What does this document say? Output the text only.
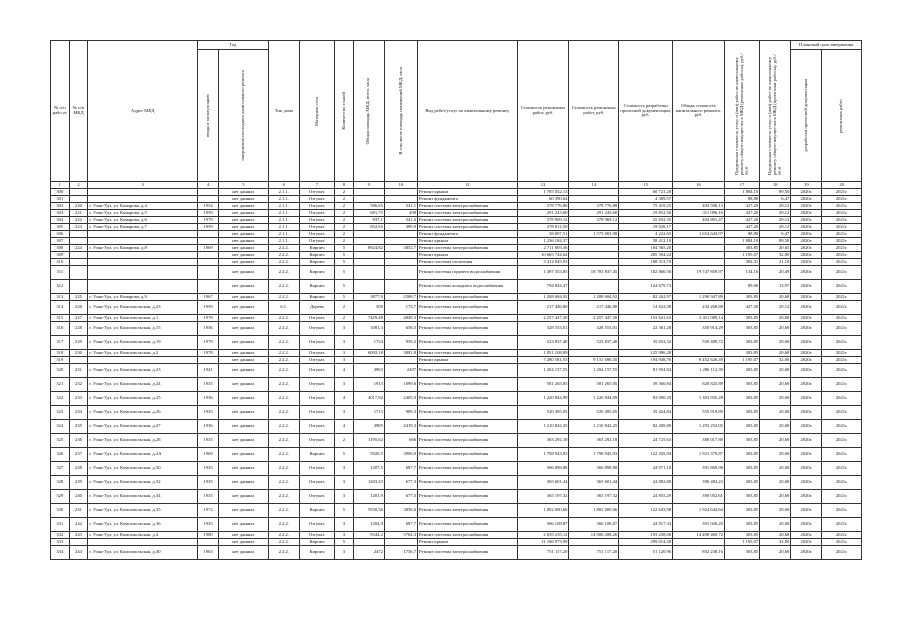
№ п/п рабо от	№ п/п МКД	Адрес МКД	Год		Тип дома	Материал стен	Количество этажей	Общая площадь МКД, всего, кв.м	В том числе площадь помещений МКД, кв.м	Вид работ/услуг по капитальному ремонту	Стоимость ремонтных работ, руб.	Стоимость ремонтных работ, руб.	Стоимость разработки проектной документации, руб.	Общая стоимость капитального ремонта, руб.	Предельная стоимость услуг и (или) работ по капитальному ремонту общего имущества в МКД (ремонтные работы), руб./кв.м	Предельная стоимость услуг и (или) работ по капитальному ремонту общего имущества в МКД (проектные работы), руб./кв.м	Плановый срок завершения	

			ввода в эксплуатацию	завершения последнего капитального ремонта													разработки проектной документации	ремонтных работ

1	2	3	4	5	6	7	8	9	10	12	13	14	15	16	17	18	19	20
300				нет данных	2.1.1.	Озгукат.	2			Ремонт крыши	1 785 052,13		60 721,28		1 884,10	89,50	2020г.	2021г.
301				нет данных	2.1.1.	Озгукат.	2			Ремонт фундамента	60 390,64		4 389,57		88,88	6,47	2020г.	2021г.
302	220	г. Улан-Удэ, ул. Комарова, д.4	1954	нет данных	2.1.1.	Озгукат.	2	586,65	541,1	Ремонт системы электроснабжения	378 776,88	378 776,88	75 419,25	404 596,13	427,20	29,12	2020г.	2021г.
303	221	г. Улан-Удэ, ул. Комарова, д.5	1959	нет данных	2.1.1.	Озгукат.	2	681,75	408	Ремонт системы электроснабжения	291 243,60	291 243,60	19 852,56	311 096,16	427,20	29,12	2020г.	2021г.
304	222	г. Улан-Удэ, ул. Комарова, д.6	1979	нет данных	2.1.1.	Озгукат.	2	837,1	541,6	Ремонт системы электроснабжения	378 969,12	378 969,12	25 832,35	404 801,47	427,20	29,12	2020г.	2021г.
305	223	г. Улан-Удэ, ул. Комарова, д.7	1959	нет данных	2.1.1.	Озгукат.	2	652,65	389,9	Ремонт системы электроснабжения	278 812,50		19 028,17		427,20	29,12	2020г.	2021г.
306				нет данных	2.1.1.	Озгукат.	2			Ремонт фундамента	58 007,51	1 573 003,98	4 222,65	1 654 643,97	88,88	6,47	2020г.	2021г.
307				нет данных	2.1.1.	Озгукат.	2			Ремонт крыши	1 236 184,37		58 412,10		1 884,10	89,50	2020г.	2021г.
308	224	г. Улан-Удэ, ул. Комарова, д.8	1969	нет данных	2.2.2.	Кирпич	5	8924,82	3852,7	Ремонт системы электроснабжения	2 711 805,36		184 565,28		303,85	20,65	2020г.	2021г.
309				нет данных	2.2.2.	Кирпич	5			Ремонт крыши	10 665 744,64		285 394,24		1 195,07	32,00	2020г.	2021г.
310				нет данных	2.2.2.	Кирпич	5			Ремонт системы отопления	3 412 045,93		188 313,70		382,31	21,10	2020г.	2021г.
311				нет данных	2.2.2.	Кирпич	5			Ремонт системы горячего водоснабжения	1 497 353,85	18 781 837,45	182 860,56	19 747 859,97	134,16	20,49	2020г.	2021г.
312				нет данных	2.2.2.	Кирпич	5			Ремонт системы холодного водоснабжения	794 844,47		124 679,74		89,06	13,97	2020г.	2021г.
313	225	г. Улан-Удэ, ул. Комарова, д.9	1967	нет данных	2.2.2.	Кирпич	5	3877,9	2568,7	Ремонт системы электроснабжения	1 208 684,92	1 208 684,92	82 262,97	1 290 947,89	303,85	20,68	2020г.	2021г.
314	226	г. Улан-Удэ, ул. Комсомольская, д.23	1959	нет данных	6.1.	Дерево	2	509	173,7	Ремонт системы электроснабжения	217 446,80	217 446,80	14 822,08	232 268,88	427,20	29,12	2020г.	2021г.
315	227	г. Улан-Удэ, ул. Комсомольская, д.1	1978	нет данных	2.2.2.	Озгукат.	2	7429,48	4849,3	Ремонт системы электроснабжения	2 257 447,30	2 257 447,30	153 641,63	2 411 089,14	303,85	20,68	2020г.	2021г.
316	228	г. Улан-Удэ, ул. Комсомольская, д.15	1936	нет данных	2.2.2.	Озгукат.	3	1081,3	658,5	Ремонт системы электроснабжения	328 553,01	328 553,01	22 361,28	350 914,29	303,85	20,68	2020г.	2021г.
317	229	г. Улан-Удэ, ул. Комсомольская, д.19	1979	нет данных	2.2.2.	Озгукат.	3	1724	939,2	Ремонт системы электроснабжения	523 837,40	523 837,40	35 652,32	559 489,72	303,85	20,68	2020г.	2021г.
318	230	г. Улан-Удэ, ул. Комсомольская, д.2	1978	нет данных	2.2.2.	Озгукат.	3	6092,18	3881,8	Ремонт системы электроснабжения	1 851 108,89		125 986,28		303,85	20,68	2020г.	2021г.
319				нет данных	2.2.2.	Озгукат.	3			Ремонт крыши	7 280 581,55	9 131 690,45	194 948,76	9 452 626,49	1 195,07	32,00	2020г.	2021г.
320	231	г. Улан-Удэ, ул. Комсомольская, д.23	1941	нет данных	2.2.2.	Озгукат.	4	3963	2407	Ремонт системы электроснабжения	1 204 157,55	1 204 157,55	81 954,84	1 286 112,39	303,85	20,68	2020г.	2021г.
321	232	г. Улан-Удэ, ул. Комсомольская, д.24	1935	нет данных	2.2.2.	Озгукат.	3	1913	1099,6	Ремонт системы электроснабжения	581 265,05	581 265,05	39 560,84	620 825,89	303,85	20,68	2020г.	2021г.
322	233	г. Улан-Удэ, ул. Комсомольская, д.25	1936	нет данных	2.2.2.	Озгукат.	4	4017,92	2405,9	Ремонт системы электроснабжения	1 220 844,99	1 220 844,99	83 090,29	1 303 935,28	303,85	20,68	2020г.	2021г.
323	234	г. Улан-Удэ, ул. Комсомольская, д.26	1935	нет данных	2.2.2.	Озгукат.	3	1713	909,3	Ремонт системы электроснабжения	520 495,05	520 495,05	35 424,84	555 919,89	303,85	20,68	2020г.	2021г.
324	235	г. Улан-Удэ, ул. Комсомольская, д.27	1936	нет данных	2.2.2.	Озгукат.	4	3985	2419,3	Ремонт системы электроснабжения	1 210 842,25	1 210 842,25	82 409,80	1 293 252,05	303,85	20,68	2020г.	2021г.
325	236	г. Улан-Удэ, ул. Комсомольская, д.28	1935	нет данных	2.2.2.	Озгукат.	2	1195,62	666	Ремонт системы электроснабжения	363 292,18	363 292,18	24 725,63	388 017,80	303,85	20,68	2020г.	2021г.
326	237	г. Улан-Удэ, ул. Комсомольская, д.2А	1969	нет данных	2.2.2.	Кирпич	5	5920,5	3906,9	Ремонт системы электроснабжения	1 798 943,93	1 798 943,93	122 435,94	1 921 379,87	303,85	20,68	2020г.	2021г.
327	238	г. Улан-Удэ, ул. Комсомольская, д.30	1935	нет данных	2.2.2.	Озгукат.	3	1207,5	687,7	Ремонт системы электроснабжения	366 898,88	366 898,88	24 971,10	391 869,98	303,85	20,68	2020г.	2021г.
328	239	г. Улан-Удэ, ул. Комсомольская, д.32	1935	нет данных	2.2.2.	Озгукат.	3	1203,23	677,3	Ремонт системы электроснабжения	365 601,44	365 601,44	24 882,80	390 484,23	303,85	20,68	2020г.	2021г.
329	240	г. Улан-Удэ, ул. Комсомольская, д.34	1935	нет данных	2.2.2.	Озгукат.	3	1201,9	677,3	Ремонт системы электроснабжения	365 197,32	365 197,32	24 855,29	390 052,61	303,85	20,68	2020г.	2021г.
330	241	г. Улан-Удэ, ул. Комсомольская, д.35	1972	нет данных	2.2.2.	Кирпич	5	5930,56	3856,6	Ремонт системы электроснабжения	1 802 000,66	1 802 000,66	122 643,98	1 924 644,64	303,85	20,68	2020г.	2021г.
331	242	г. Улан-Удэ, ул. Комсомольская, д.36	1935	нет данных	2.2.2.	Озгукат.	3	1204,9	687,7	Ремонт системы электроснабжения	366 108,87	366 108,87	24 917,33	391 026,20	303,85	20,68	2020г.	2021г.
332	243	г. Улан-Удэ, ул. Комсомольская, д.4	1980	нет данных	2.2.2.	Озгукат.	3	9344,2	5764,3	Ремонт системы электроснабжения	2 839 235,12	14 006 208,26	193 238,06	14 498 460,72	303,85	20,68	2020г.	2021г.
333				нет данных	2.2.2.	Кирпич	5			Ремонт крыши	11 166 973,99		299 014,40		1 195,07	32,00	2020г.	2021г.
334	244	г. Улан-Удэ, ул. Комсомольская, д.40	1963	нет данных	2.2.2.	Кирпич	3	2472	1736,7	Ремонт системы электроснабжения	751 117,20	751 117,20	51 120,96	802 238,16	303,85	20,68	2020г.	2021г.
